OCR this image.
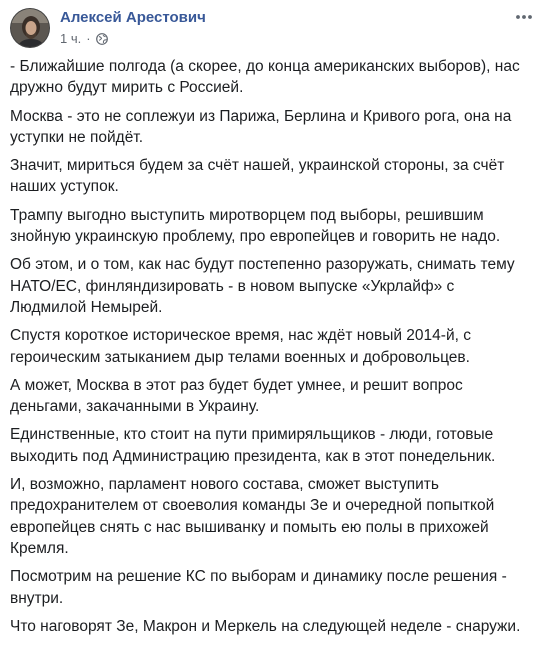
Алексей Арестович
1 ч. ·

- Ближайшие полгода (а скорее, до конца американских выборов), нас дружно будут мирить с Россией.

Москва - это не соплежуи из Парижа, Берлина и Кривого рога, она на уступки не пойдёт.

Значит, мириться будем за счёт нашей, украинской стороны, за счёт наших уступок.

Трампу выгодно выступить миротворцем под выборы, решившим знойную украинскую проблему, про европейцев и говорить не надо.

Об этом, и о том, как нас будут постепенно разоружать, снимать тему НАТО/ЕС, финляндизировать - в новом выпуске «Укрлайф» с Людмилой Немырей.

Спустя короткое историческое время, нас ждёт новый 2014-й, с героическим затыканием дыр телами военных и добровольцев.

А может, Москва в этот раз будет будет умнее, и решит вопрос деньгами, закачанными в Украину.

Единственные, кто стоит на пути примиряльщиков - люди, готовые выходить под Администрацию президента, как в этот понедельник.

И, возможно, парламент нового состава, сможет выступить предохранителем от своеволия команды Зе и очередной попыткой европейцев снять с нас вышиванку и помыть ею полы в прихожей Кремля.

Посмотрим на решение КС по выборам и динамику после решения - внутри.

Что наговорят Зе, Макрон и Меркель на следующей неделе - снаружи.
